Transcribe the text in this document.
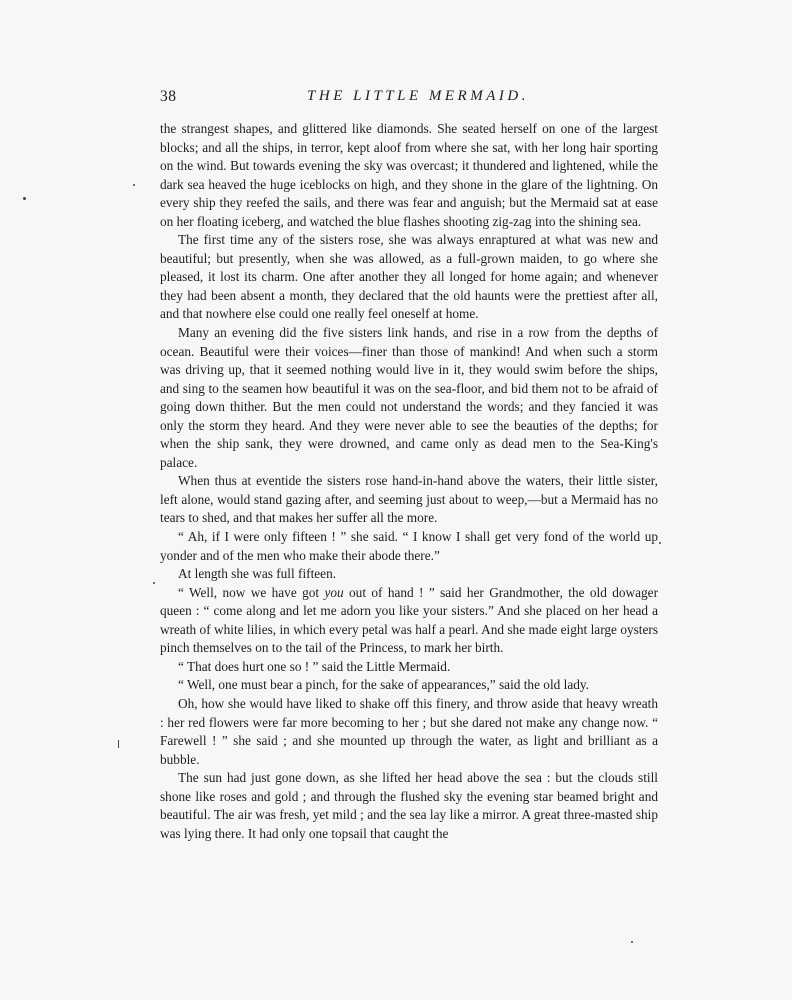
38	THE LITTLE MERMAID.

the strangest shapes, and glittered like diamonds. She seated herself on one of the largest blocks; and all the ships, in terror, kept aloof from where she sat, with her long hair sporting on the wind. But towards evening the sky was overcast; it thundered and lightened, while the dark sea heaved the huge iceblocks on high, and they shone in the glare of the lightning. On every ship they reefed the sails, and there was fear and anguish; but the Mermaid sat at ease on her floating iceberg, and watched the blue flashes shooting zig-zag into the shining sea.

The first time any of the sisters rose, she was always enraptured at what was new and beautiful; but presently, when she was allowed, as a full-grown maiden, to go where she pleased, it lost its charm. One after another they all longed for home again; and whenever they had been absent a month, they declared that the old haunts were the prettiest after all, and that nowhere else could one really feel oneself at home.

Many an evening did the five sisters link hands, and rise in a row from the depths of ocean. Beautiful were their voices—finer than those of mankind! And when such a storm was driving up, that it seemed nothing would live in it, they would swim before the ships, and sing to the seamen how beautiful it was on the sea-floor, and bid them not to be afraid of going down thither. But the men could not understand the words; and they fancied it was only the storm they heard. And they were never able to see the beauties of the depths; for when the ship sank, they were drowned, and came only as dead men to the Sea-King's palace.

When thus at eventide the sisters rose hand-in-hand above the waters, their little sister, left alone, would stand gazing after, and seeming just about to weep,—but a Mermaid has no tears to shed, and that makes her suffer all the more.

“ Ah, if I were only fifteen ! ” she said. “ I know I shall get very fond of the world up yonder and of the men who make their abode there.”

At length she was full fifteen.

“ Well, now we have got you out of hand ! ” said her Grandmother, the old dowager queen : “ come along and let me adorn you like your sisters.” And she placed on her head a wreath of white lilies, in which every petal was half a pearl. And she made eight large oysters pinch themselves on to the tail of the Princess, to mark her birth.

“ That does hurt one so ! ” said the Little Mermaid.

“ Well, one must bear a pinch, for the sake of appearances,” said the old lady.

Oh, how she would have liked to shake off this finery, and throw aside that heavy wreath : her red flowers were far more becoming to her ; but she dared not make any change now. “ Farewell ! ” she said ; and she mounted up through the water, as light and brilliant as a bubble.

The sun had just gone down, as she lifted her head above the sea : but the clouds still shone like roses and gold ; and through the flushed sky the evening star beamed bright and beautiful. The air was fresh, yet mild ; and the sea lay like a mirror. A great three-masted ship was lying there. It had only one topsail that caught the
